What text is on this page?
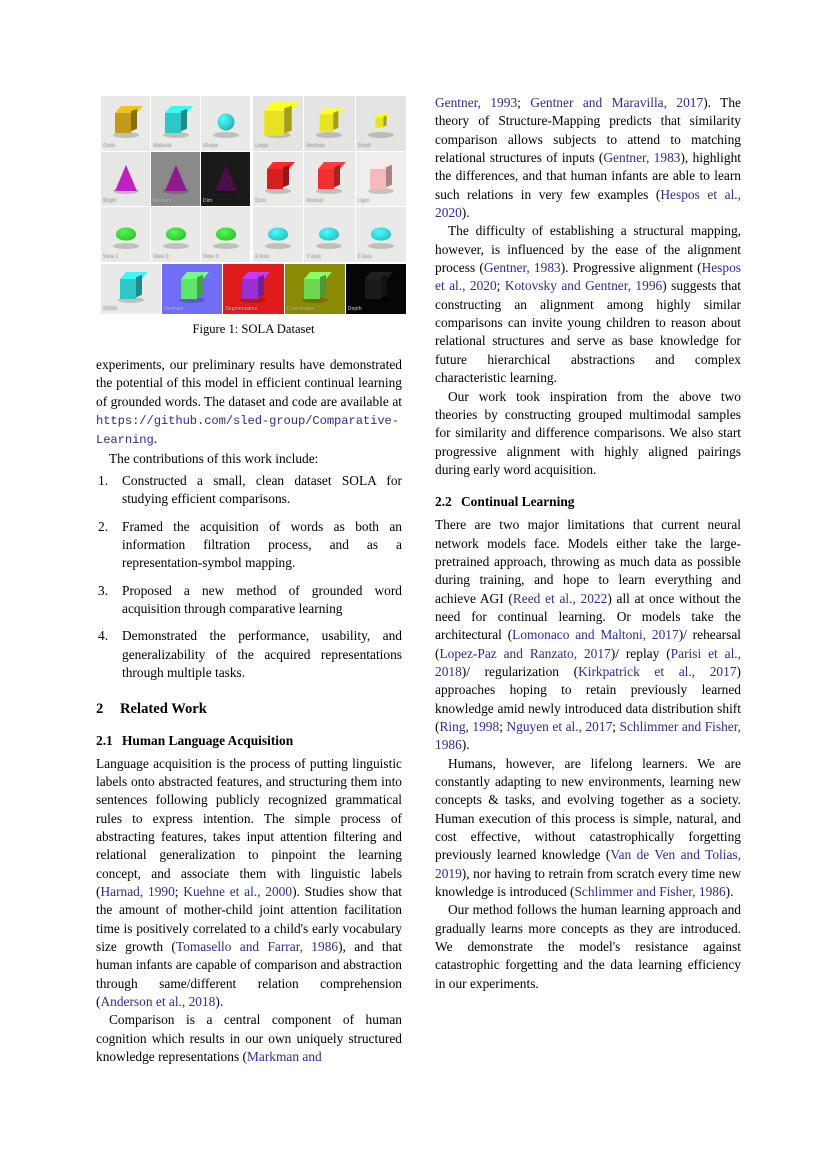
Color	Material	Shape
Bright	Medium	Dim
View 1	View 2	View 3
Large	Medium	Small
Dark	Normal	Light
X Axis	Y Axis	Z Axis
RGBA	Normals	Segmentation	Coordinates	Depth
Figure 1: SOLA Dataset

experiments, our preliminary results have demonstrated the potential of this model in efficient continual learning of grounded words. The dataset and code are available at https://github.com/sled-group/Comparative-Learning.

The contributions of this work include:

1.	Constructed a small, clean dataset SOLA for studying efficient comparisons.
2.	Framed the acquisition of words as both an information filtration process, and as a representation-symbol mapping.
3.	Proposed a new method of grounded word acquisition through comparative learning
4.	Demonstrated the performance, usability, and generalizability of the acquired representations through multiple tasks.
2 Related Work
2.1 Human Language Acquisition

Language acquisition is the process of putting linguistic labels onto abstracted features, and structuring them into sentences following publicly recognized grammatical rules to express intention. The simple process of abstracting features, takes input attention filtering and relational generalization to pinpoint the learning concept, and associate them with linguistic labels (Harnad, 1990; Kuehne et al., 2000). Studies show that the amount of mother-child joint attention facilitation time is positively correlated to a child's early vocabulary size growth (Tomasello and Farrar, 1986), and that human infants are capable of comparison and abstraction through same/different relation comprehension (Anderson et al., 2018).

Comparison is a central component of human cognition which results in our own uniquely structured knowledge representations (Markman and

Gentner, 1993; Gentner and Maravilla, 2017). The theory of Structure-Mapping predicts that similarity comparison allows subjects to attend to matching relational structures of inputs (Gentner, 1983), highlight the differences, and that human infants are able to learn such relations in very few examples (Hespos et al., 2020).

The difficulty of establishing a structural mapping, however, is influenced by the ease of the alignment process (Gentner, 1983). Progressive alignment (Hespos et al., 2020; Kotovsky and Gentner, 1996) suggests that constructing an alignment among highly similar comparisons can invite young children to reason about relational structures and serve as base knowledge for future hierarchical abstractions and complex characteristic learning.

Our work took inspiration from the above two theories by constructing grouped multimodal samples for similarity and difference comparisons. We also start progressive alignment with highly aligned pairings during early word acquisition.

2.2 Continual Learning

There are two major limitations that current neural network models face. Models either take the large-pretrained approach, throwing as much data as possible during training, and hope to learn everything and achieve AGI (Reed et al., 2022) all at once without the need for continual learning. Or models take the architectural (Lomonaco and Maltoni, 2017)/ rehearsal (Lopez-Paz and Ranzato, 2017)/ replay (Parisi et al., 2018)/ regularization (Kirkpatrick et al., 2017) approaches hoping to retain previously learned knowledge amid newly introduced data distribution shift (Ring, 1998; Nguyen et al., 2017; Schlimmer and Fisher, 1986).

Humans, however, are lifelong learners. We are constantly adapting to new environments, learning new concepts & tasks, and evolving together as a society. Human execution of this process is simple, natural, and cost effective, without catastrophically forgetting previously learned knowledge (Van de Ven and Tolias, 2019), nor having to retrain from scratch every time new knowledge is introduced (Schlimmer and Fisher, 1986).

Our method follows the human learning approach and gradually learns more concepts as they are introduced. We demonstrate the model's resistance against catastrophic forgetting and the data learning efficiency in our experiments.
